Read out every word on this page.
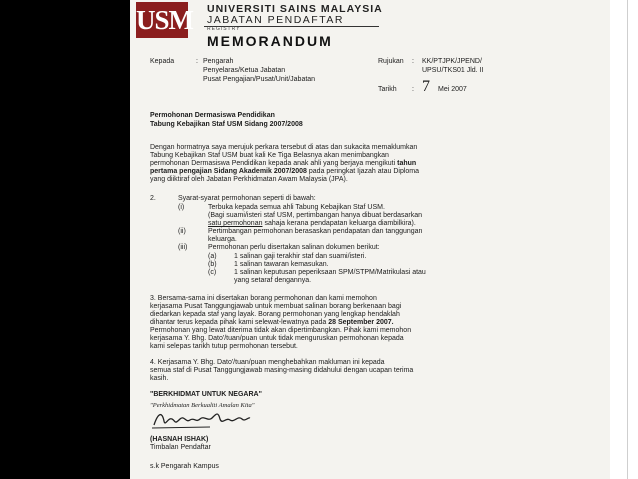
USM UNIVERSITI SAINS MALAYSIA
JABATAN PENDAFTAR
REGISTRY
MEMORANDUM
Kepada	: Pengarah
Penyelaras/Ketua Jabatan
Pusat Pengajian/Pusat/Unit/Jabatan
Rujukan : KK/PTJPK/JPEND/
UPSU/TKS01 Jld. II
Tarikh : 7 Mei 2007
Permohonan Dermasiswa Pendidikan
Tabung Kebajikan Staf USM Sidang 2007/2008
Dengan hormatnya saya merujuk perkara tersebut di atas dan sukacita memaklumkan
Tabung Kebajikan Staf USM buat kali Ke Tiga Belasnya akan menimbangkan
permohonan Dermasiswa Pendidikan kepada anak ahli yang berjaya mengikuti tahun
pertama pengajian Sidang Akademik 2007/2008 pada peringkat Ijazah atau Diploma
yang diiktiraf oleh Jabatan Perkhidmatan Awam Malaysia (JPA).
2.	Syarat-syarat permohonan seperti di bawah:
(i)	Terbuka kepada semua ahli Tabung Kebajikan Staf USM.
(Bagi suami/isteri staf USM, pertimbangan hanya dibuat berdasarkan
satu permohonan sahaja kerana pendapatan keluarga diambilkira).
(ii)	Pertimbangan permohonan berasaskan pendapatan dan tanggungan
keluarga.
(iii)	Permohonan perlu disertakan salinan dokumen berikut:
(a) 1 salinan gaji terakhir staf dan suami/isteri.
(b) 1 salinan tawaran kemasukan.
(c)	1 salinan keputusan peperiksaan SPM/STPM/Matrikulasi atau
yang setaraf dengannya.
3. Bersama-sama ini disertakan borang permohonan dan kami memohon
kerjasama Pusat Tanggungjawab untuk membuat salinan borang berkenaan bagi
diedarkan kepada staf yang layak. Borang permohonan yang lengkap hendaklah
dihantar terus kepada pihak kami selewat-lewatnya pada 28 September 2007.
Permohonan yang lewat diterima tidak akan dipertimbangkan. Pihak kami memohon
kerjasama Y. Bhg. Dato'/tuan/puan untuk tidak menguruskan permohonan kepada
kami selepas tarikh tutup permohonan tersebut.
4. Kerjasama Y. Bhg. Dato'/tuan/puan menghebahkan makluman ini kepada
semua staf di Pusat Tanggungjawab masing-masing didahului dengan ucapan terima
kasih.
"BERKHIDMAT UNTUK NEGARA"
"Perkhidmatan Berkualiti Amalan Kita"
(HASNAH ISHAK)
Timbalan Pendaftar
s.k Pengarah Kampus
